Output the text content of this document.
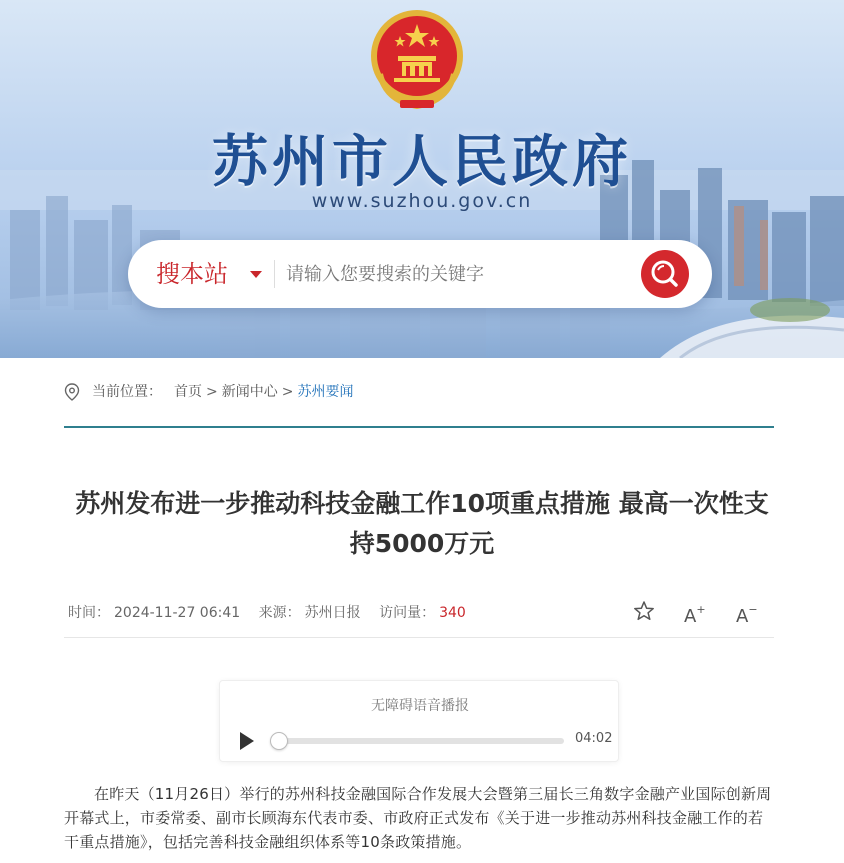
苏州市人民政府
www.suzhou.gov.cn
搜本站
请输入您要搜索的关键字
当前位置： 首页 > 新闻中心 > 苏州要闻
苏州发布进一步推动科技金融工作10项重点措施 最高一次性支持5000万元
时间： 2024-11-27 06:41 来源： 苏州日报 访问量： 340	A+ A−
无障碍语音播报
04:02

在昨天（11月26日）举行的苏州科技金融国际合作发展大会暨第三届长三角数字金融产业国际创新周开幕式上，市委常委、副市长顾海东代表市委、市政府正式发布《关于进一步推动苏州科技金融工作的若干重点措施》，包括完善科技金融组织体系等10条政策措施。
